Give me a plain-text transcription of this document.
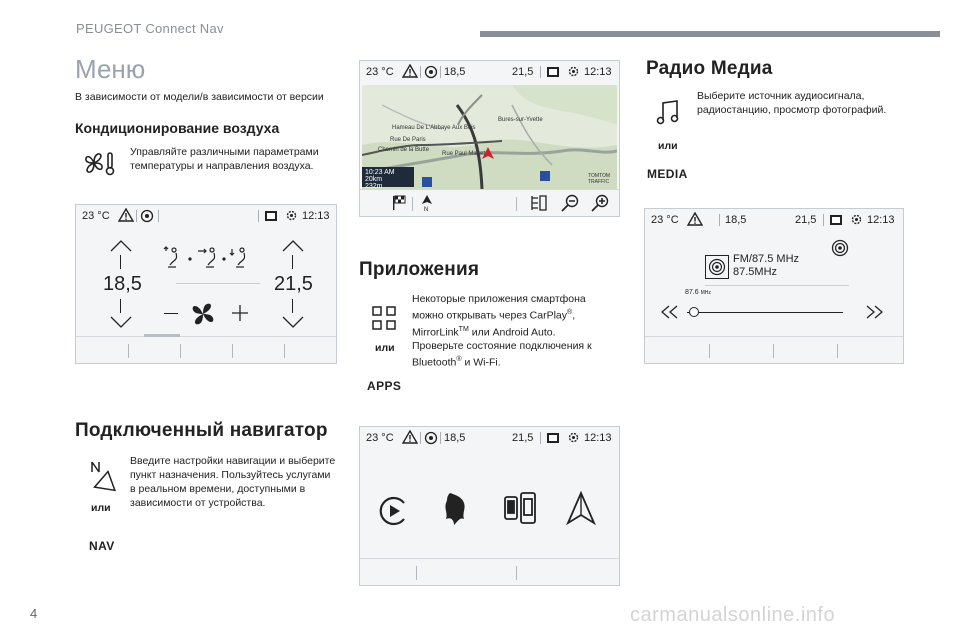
PEUGEOT Connect Nav
Меню
В зависимости от модели/в зависимости от версии
Кондиционирование воздуха
Управляйте различными параметрами температуры и направления воздуха.
23 °C	12:13
18,5	21,5
Подключенный навигатор
или
NAV
Введите настройки навигации и выберите пункт назначения. Пользуйтесь услугами в реальном времени, доступными в зависимости от устройства.
23 °C	18,5	21,5	12:13
10:23 AM 20km
232m
Hameau De L'Abbaye Aux Bois
Bures-sur-Yvette
Rue De Paris
Rue Paul Maget
Chemin de la Butte
TOMTOM TRAFFIC
N
Приложения
или
APPS
Некоторые приложения смартфона можно открывать через CarPlay®, MirrorLink™ или Android Auto.
Проверьте состояние подключения к Bluetooth® и Wi-Fi.
23 °C	18,5	21,5	12:13
Радио Медиа
или
MEDIA
Выберите источник аудиосигнала, радиостанцию, просмотр фотографий.
23 °C	18,5	21,5	12:13
FM/87.5 MHz
87.5MHz
87.6 MHz
4	carmanualsonline.info
